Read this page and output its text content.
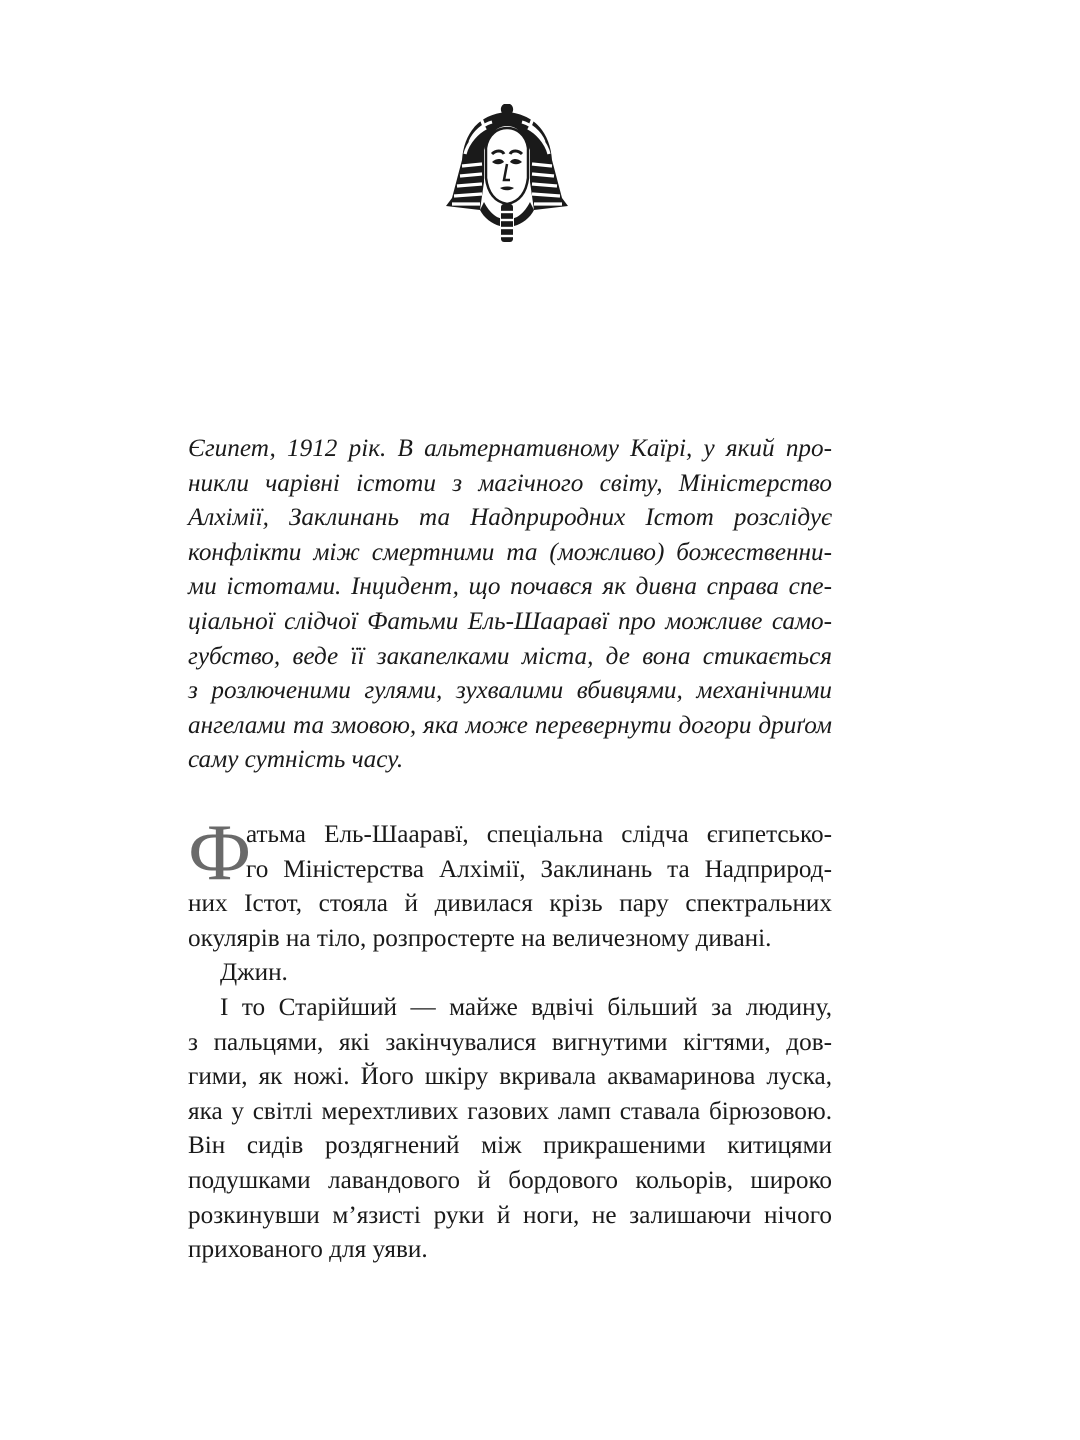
Єгипет, 1912 рік. В альтернативному Каїрі, у який про-
никли чарівні істоти з магічного світу, Міністерство
Алхімії, Заклинань та Надприродних Істот розслідує
конфлікти між смертними та (можливо) божественни-
ми істотами. Інцидент, що почався як дивна справа спе-
ціальної слідчої Фатьми Ель-Шааравї про можливе само-
губство, веде її закапелками міста, де вона стикається
з розлюченими гулями, зухвалими вбивцями, механічними
ангелами та змовою, яка може перевернути догори дриґом
саму сутність часу.
Ф
атьма Ель-Шааравї, спеціальна слідча єгипетсько-
го Міністерства Алхімії, Заклинань та Надприрод-
них Істот, стояла й дивилася крізь пару спектральних
окулярів на тіло, розпростерте на величезному дивані.
Джин.
І то Старійший — майже вдвічі більший за людину,
з пальцями, які закінчувалися вигнутими кігтями, дов-
гими, як ножі. Його шкіру вкривала аквамаринова луска,
яка у світлі мерехтливих газових ламп ставала бірюзовою.
Він сидів роздягнений між прикрашеними китицями
подушками лавандового й бордового кольорів, широко
розкинувши м’язисті руки й ноги, не залишаючи нічого
прихованого для уяви.
